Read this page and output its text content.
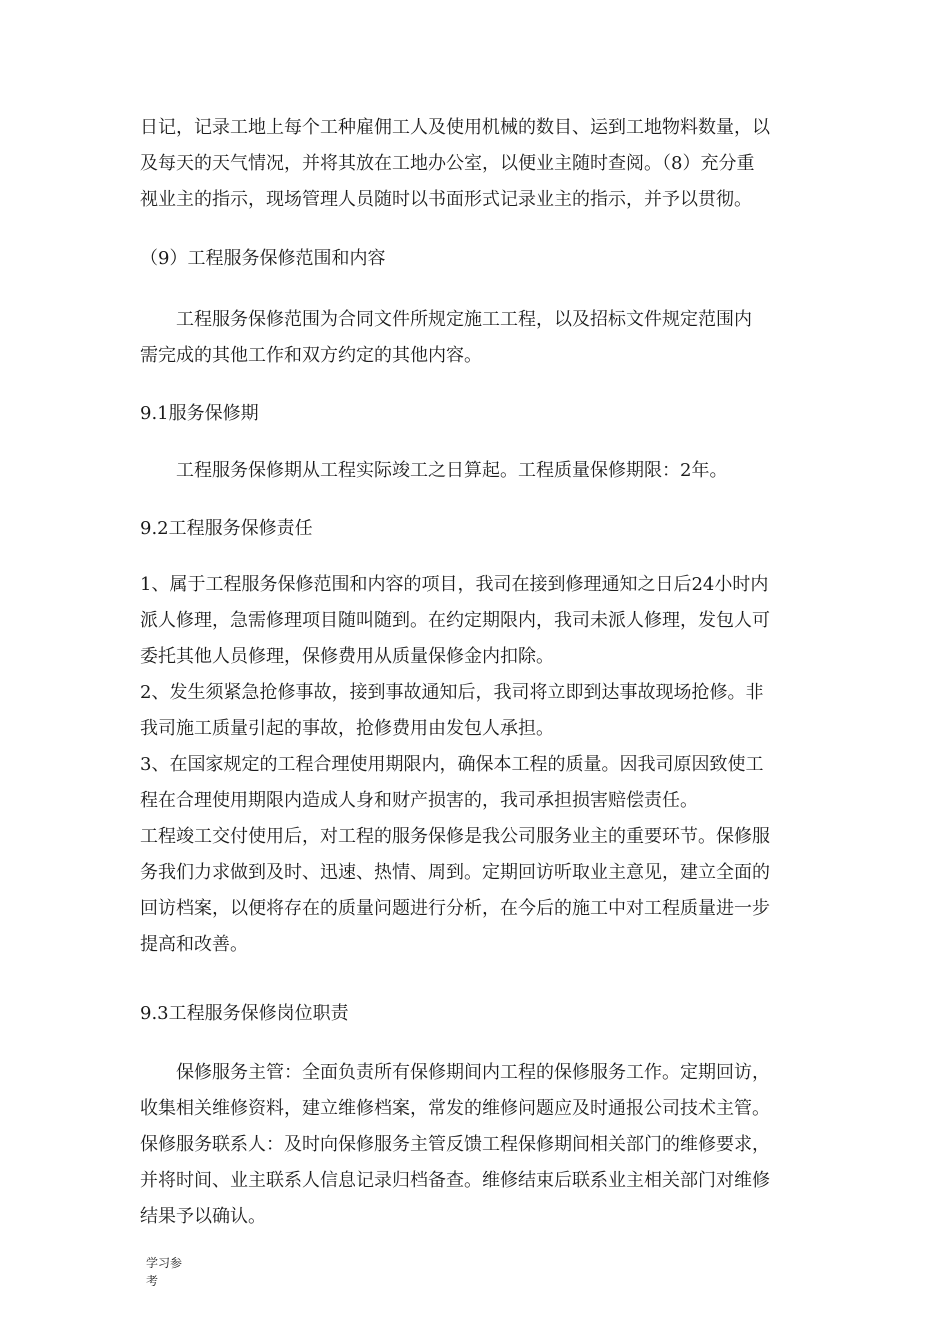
日记，记录工地上每个工种雇佣工人及使用机械的数目、运到工地物料数量，以
及每天的天气情况，并将其放在工地办公室，以便业主随时查阅。（8）充分重
视业主的指示，现场管理人员随时以书面形式记录业主的指示，并予以贯彻。
（9）工程服务保修范围和内容
　　工程服务保修范围为合同文件所规定施工工程，以及招标文件规定范围内
需完成的其他工作和双方约定的其他内容。
9.1服务保修期
　　工程服务保修期从工程实际竣工之日算起。工程质量保修期限：2年。
9.2工程服务保修责任
1、属于工程服务保修范围和内容的项目，我司在接到修理通知之日后24小时内
派人修理，急需修理项目随叫随到。在约定期限内，我司未派人修理，发包人可
委托其他人员修理，保修费用从质量保修金内扣除。
2、发生须紧急抢修事故，接到事故通知后，我司将立即到达事故现场抢修。非
我司施工质量引起的事故，抢修费用由发包人承担。
3、在国家规定的工程合理使用期限内，确保本工程的质量。因我司原因致使工
程在合理使用期限内造成人身和财产损害的，我司承担损害赔偿责任。
工程竣工交付使用后，对工程的服务保修是我公司服务业主的重要环节。保修服
务我们力求做到及时、迅速、热情、周到。定期回访听取业主意见，建立全面的
回访档案，以便将存在的质量问题进行分析，在今后的施工中对工程质量进一步
提高和改善。
9.3工程服务保修岗位职责
　　保修服务主管：全面负责所有保修期间内工程的保修服务工作。定期回访，
收集相关维修资料，建立维修档案，常发的维修问题应及时通报公司技术主管。
保修服务联系人：及时向保修服务主管反馈工程保修期间相关部门的维修要求，
并将时间、业主联系人信息记录归档备查。维修结束后联系业主相关部门对维修
结果予以确认。
学习参
考
